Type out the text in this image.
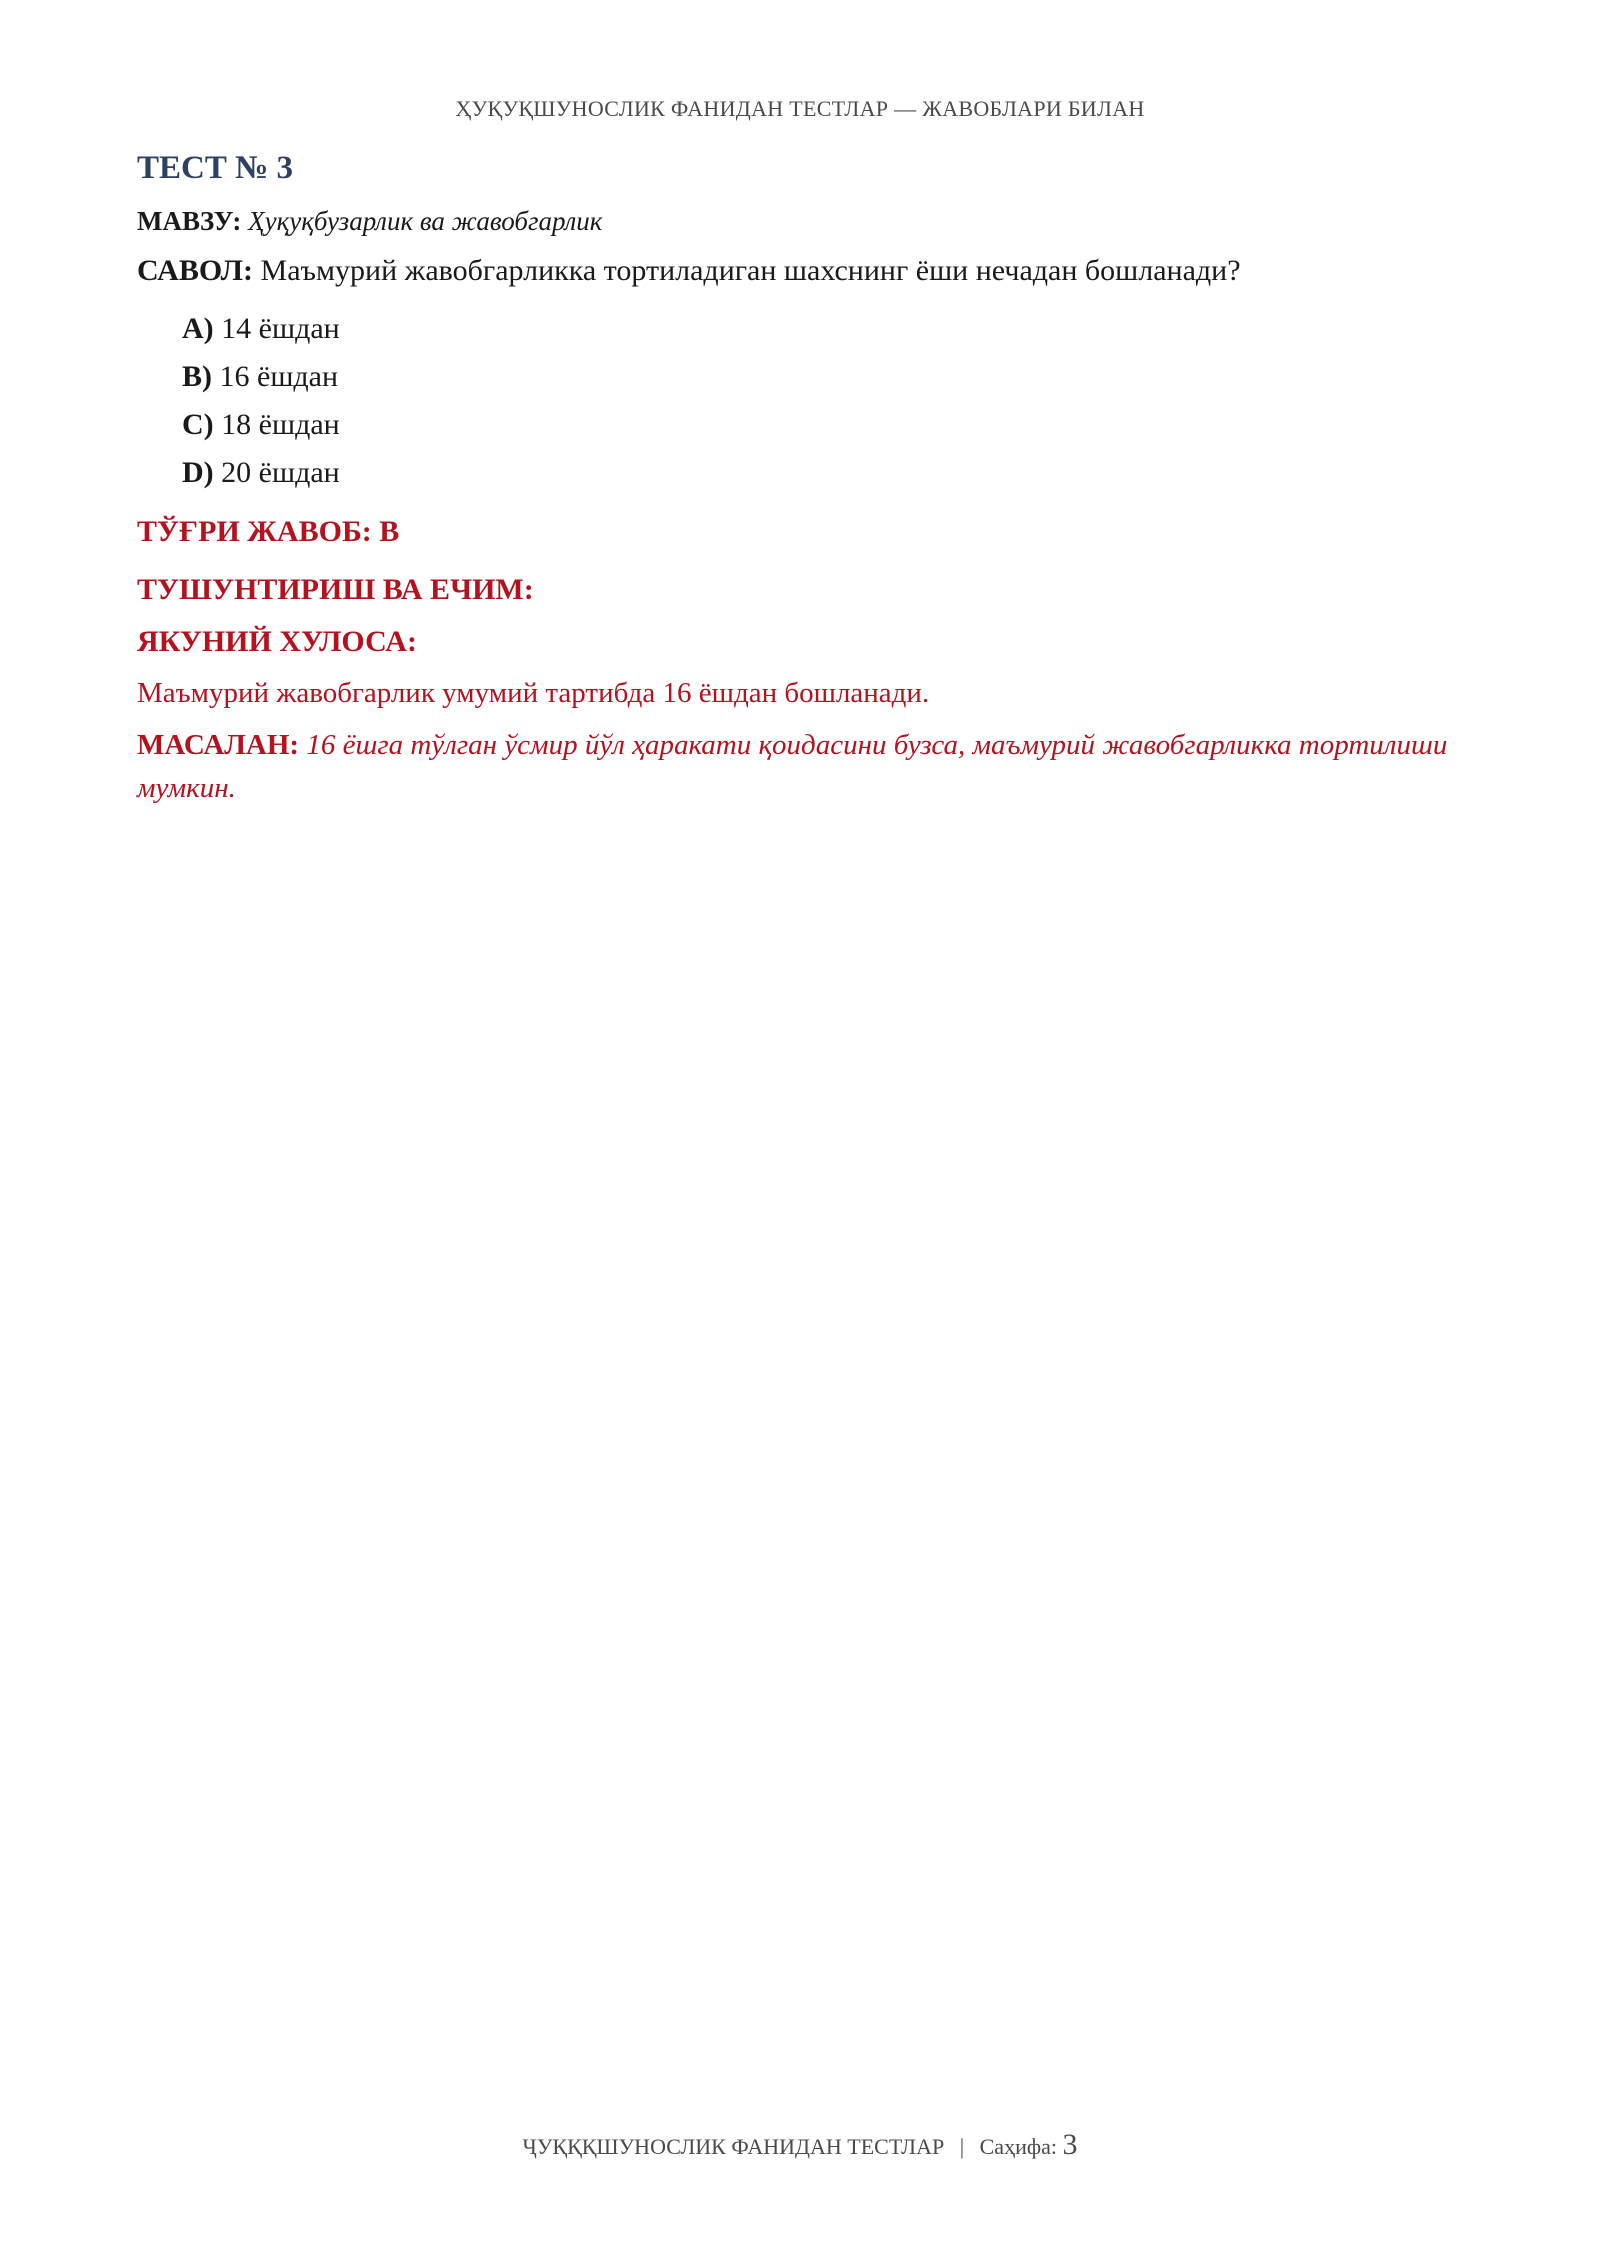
ҲУҚУҚШУНОСЛИК ФАНИДАН ТЕСТЛАР — ЖАВОБЛАРИ БИЛАН
ТЕСТ № 3
МАВЗУ: Ҳуқуқбузарлик ва жавобгарлик
САВОЛ: Маъмурий жавобгарликка тортиладиган шахснинг ёши нечадан бошланади?
A) 14 ёшдан
B) 16 ёшдан
C) 18 ёшдан
D) 20 ёшдан
ТЎҒРИ ЖАВОБ: B
ТУШУНТИРИШ ВА ЕЧИМ:
ЯКУНИЙ ХУЛОСА:
Маъмурий жавобгарлик умумий тартибда 16 ёшдан бошланади.
МАСАЛАН: 16 ёшга тўлган ўсмир йўл ҳаракати қоидасини бузса, маъмурий жавобгарликка тортилиши мумкин.
ҶУҚҚҚШУНОСЛИК ФАНИДАН ТЕСТЛАР | Саҳифа: 3
